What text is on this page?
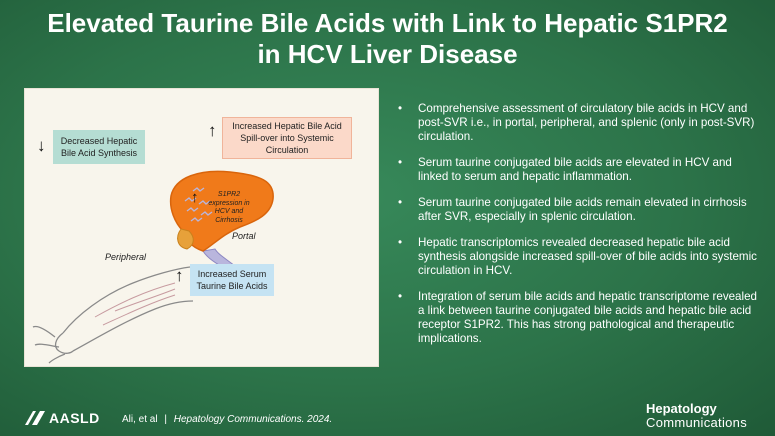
Elevated Taurine Bile Acids with Link to Hepatic S1PR2
in HCV Liver Disease
Decreased Hepatic Bile Acid Synthesis
↓
Increased Hepatic Bile Acid Spill-over into Systemic Circulation
↑
S1PR2 expression in HCV and Cirrhosis
↑
Portal
Peripheral
Increased Serum Taurine Bile Acids
↑
• Comprehensive assessment of circulatory bile acids in HCV and post-SVR i.e., in portal, peripheral, and splenic (only in post-SVR) circulation.
• Serum taurine conjugated bile acids are elevated in HCV and linked to serum and hepatic inflammation.
• Serum taurine conjugated bile acids remain elevated in cirrhosis after SVR, especially in splenic circulation.
• Hepatic transcriptomics revealed decreased hepatic bile acid synthesis alongside increased spill-over of bile acids into systemic circulation in HCV.
• Integration of serum bile acids and hepatic transcriptome revealed a link between taurine conjugated bile acids and hepatic bile acid receptor S1PR2. This has strong pathological and therapeutic implications.
AASLD Ali, et al | Hepatology Communications. 2024.
Hepatology
Communications
